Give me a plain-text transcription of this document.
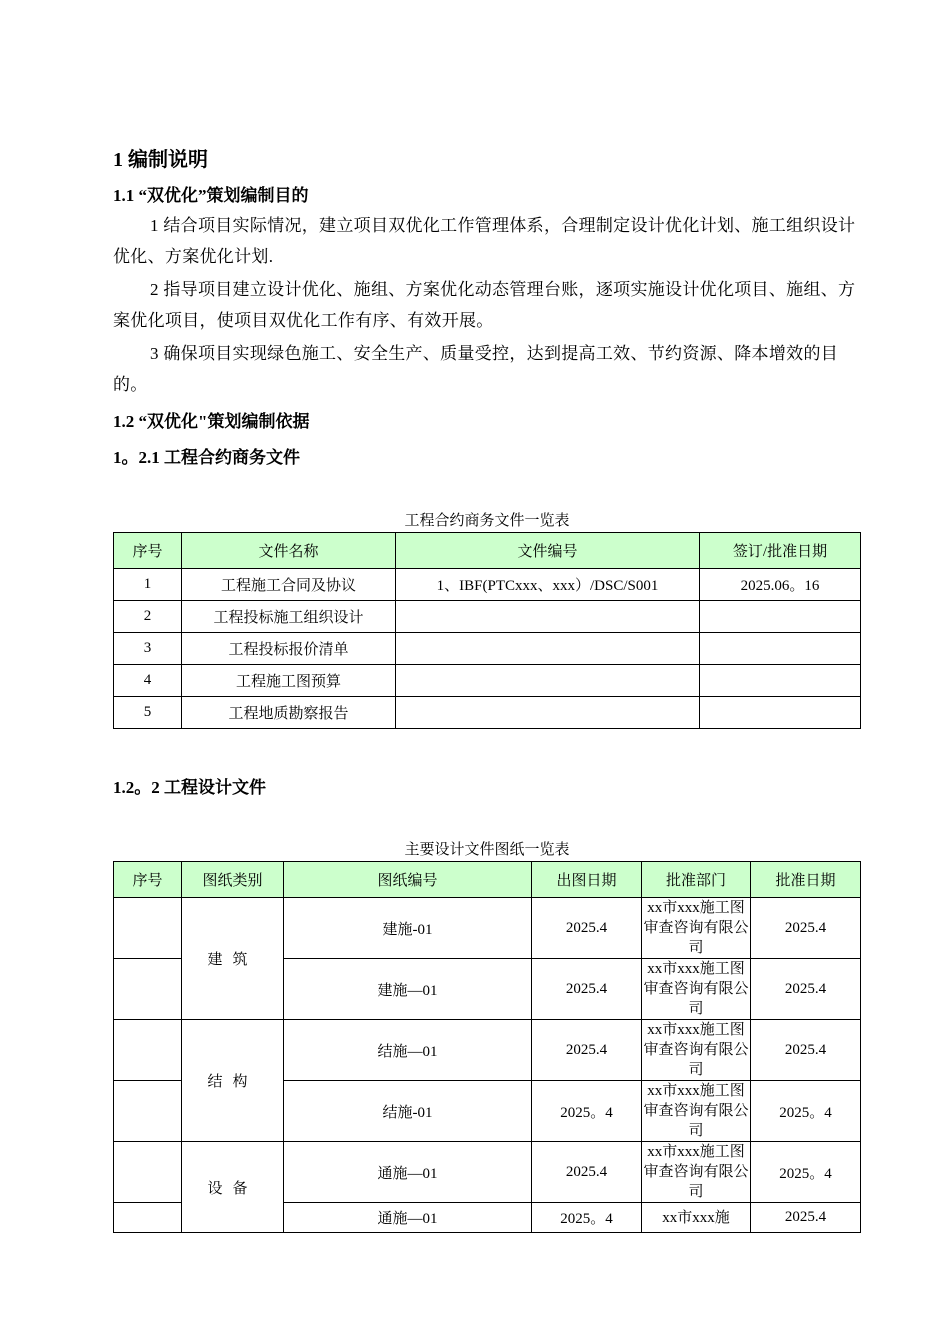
1 编制说明
1.1 “双优化”策划编制目的
1 结合项目实际情况，建立项目双优化工作管理体系，合理制定设计优化计划、施工组织设计优化、方案优化计划.
2 指导项目建立设计优化、施组、方案优化动态管理台账，逐项实施设计优化项目、施组、方案优化项目，使项目双优化工作有序、有效开展。
3 确保项目实现绿色施工、安全生产、质量受控，达到提高工效、节约资源、降本增效的目的。
1.2 “双优化"策划编制依据
1。2.1 工程合约商务文件
工程合约商务文件一览表
序号	文件名称	文件编号	签订/批准日期
1	工程施工合同及协议	1、IBF(PTCxxx、xxx）/DSC/S001	2025.06。16
2	工程投标施工组织设计		
3	工程投标报价清单		
4	工程施工图预算		
5	工程地质勘察报告		
1.2。2 工程设计文件
主要设计文件图纸一览表
序号	图纸类别	图纸编号	出图日期	批准部门	批准日期
	建筑	建施-01	2025.4	xx市xxx施工图审查咨询有限公司	2025.4
		建施—01	2025.4	xx市xxx施工图审查咨询有限公司	2025.4
	结构	结施—01	2025.4	xx市xxx施工图审查咨询有限公司	2025.4
		结施-01	2025。4	xx市xxx施工图审查咨询有限公司	2025。4
	设备	通施—01	2025.4	xx市xxx施工图审查咨询有限公司	2025。4
		通施—01	2025。4	xx市xxx施	2025.4
